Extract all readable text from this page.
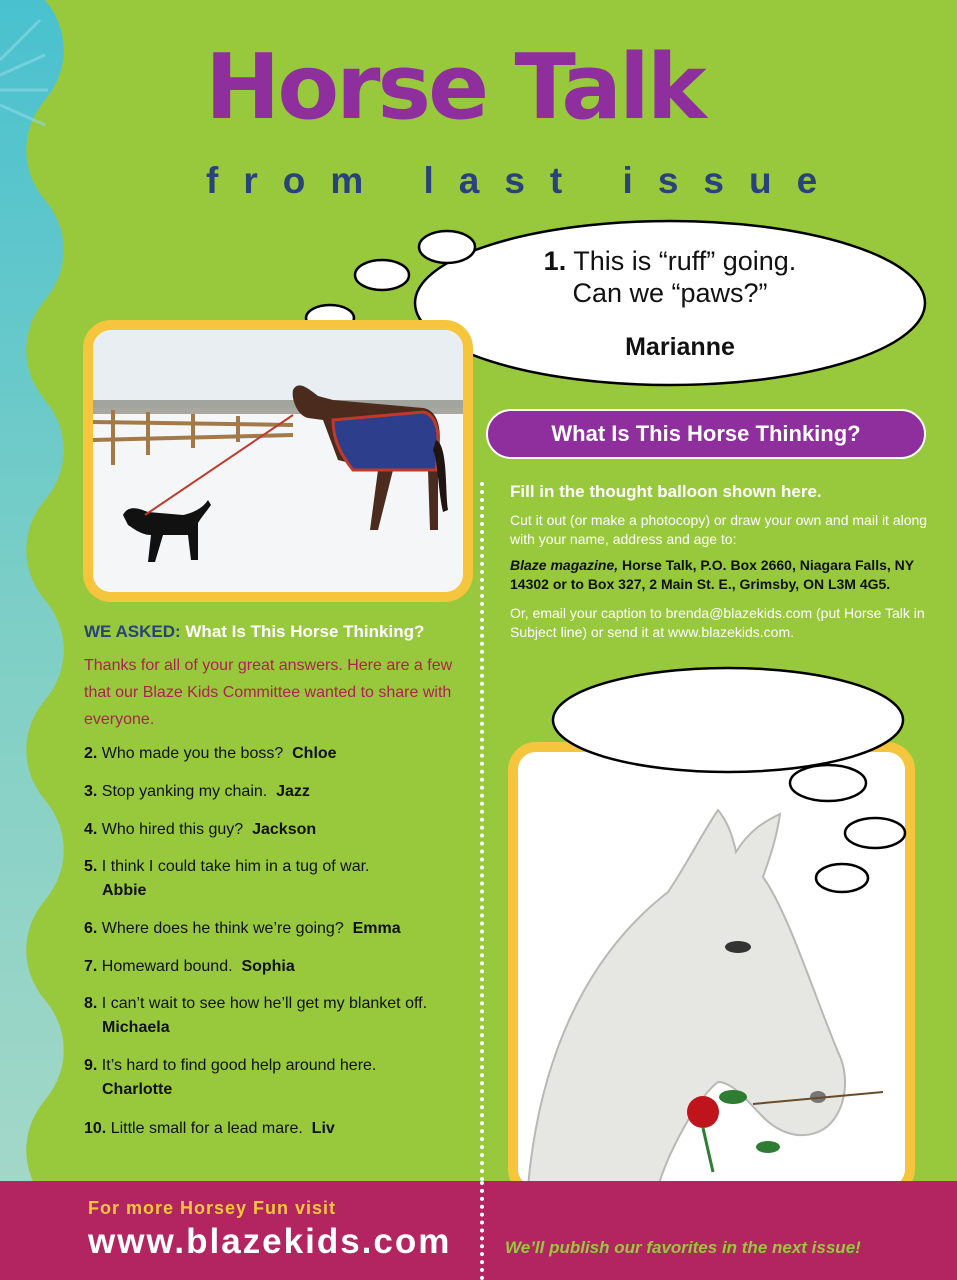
Horse Talk
from last issue
1. This is “ruff” going.
Can we “paws?”
Marianne
What Is This Horse Thinking?
Fill in the thought balloon shown here.
Cut it out (or make a photocopy) or draw your own and mail it along with your name, address and age to:
Blaze magazine, Horse Talk, P.O. Box 2660, Niagara Falls, NY 14302 or to Box 327, 2 Main St. E., Grimsby, ON L3M 4G5.
Or, email your caption to brenda@blazekids.com (put Horse Talk in Subject line) or send it at www.blazekids.com.
WE ASKED: What Is This Horse Thinking?
Thanks for all of your great answers. Here are a few that our Blaze Kids Committee wanted to share with everyone.
2. Who made you the boss? Chloe
3. Stop yanking my chain. Jazz
4. Who hired this guy? Jackson
5. I think I could take him in a tug of war.
Abbie
6. Where does he think we’re going? Emma
7. Homeward bound. Sophia
8. I can’t wait to see how he’ll get my blanket off.
Michaela
9. It’s hard to find good help around here.
Charlotte
10. Little small for a lead mare. Liv
For more Horsey Fun visit
www.blazekids.com	We’ll publish our favorites in the next issue!
